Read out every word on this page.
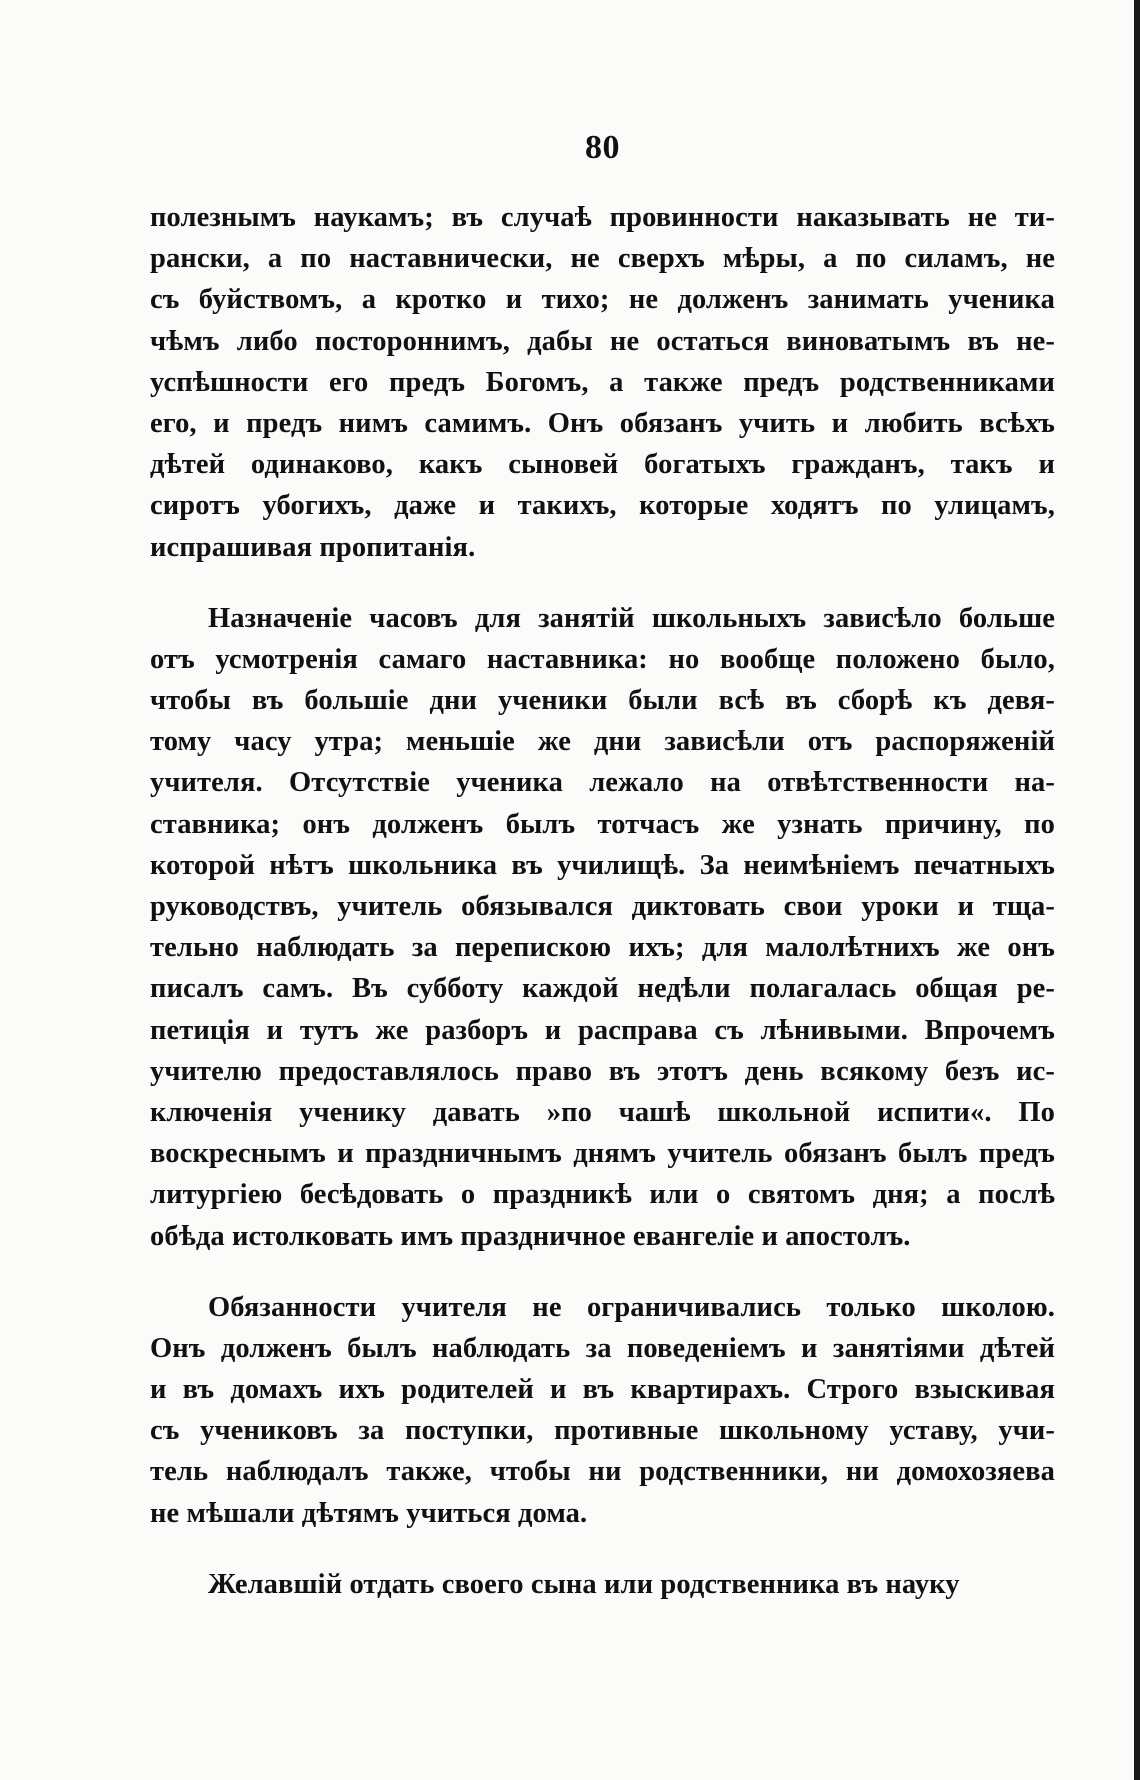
80
полезнымъ наукамъ; въ случаѣ провинности наказывать не ти-
рански, а по наставнически, не сверхъ мѣры, а по силамъ, не
съ буйствомъ, а кротко и тихо; не долженъ занимать ученика
чѣмъ либо постороннимъ, дабы не остаться виноватымъ въ не-
успѣшности его предъ Богомъ, а также предъ родственниками
его, и предъ нимъ самимъ. Онъ обязанъ учить и любить всѣхъ
дѣтей одинаково, какъ сыновей богатыхъ гражданъ, такъ и
сиротъ убогихъ, даже и такихъ, которые ходятъ по улицамъ,
испрашивая пропитанія.
Назначеніе часовъ для занятій школьныхъ зависѣло больше
отъ усмотренія самаго наставника: но вообще положено было,
чтобы въ большіе дни ученики были всѣ въ сборѣ къ девя-
тому часу утра; меньшіе же дни зависѣли отъ распоряженій
учителя. Отсутствіе ученика лежало на отвѣтственности на-
ставника; онъ долженъ былъ тотчасъ же узнать причину, по
которой нѣтъ школьника въ училищѣ. За неимѣніемъ печатныхъ
руководствъ, учитель обязывался диктовать свои уроки и тща-
тельно наблюдать за перепискою ихъ; для малолѣтнихъ же онъ
писалъ самъ. Въ субботу каждой недѣли полагалась общая ре-
петиція и тутъ же разборъ и расправа съ лѣнивыми. Впрочемъ
учителю предоставлялось право въ этотъ день всякому безъ ис-
ключенія ученику давать »по чашѣ школьной испити«. По
воскреснымъ и праздничнымъ днямъ учитель обязанъ былъ предъ
литургіею бесѣдовать о праздникѣ или о святомъ дня; а послѣ
обѣда истолковать имъ праздничное евангеліе и апостолъ.
Обязанности учителя не ограничивались только школою.
Онъ долженъ былъ наблюдать за поведеніемъ и занятіями дѣтей
и въ домахъ ихъ родителей и въ квартирахъ. Строго взыскивая
съ учениковъ за поступки, противные школьному уставу, учи-
тель наблюдалъ также, чтобы ни родственники, ни домохозяева
не мѣшали дѣтямъ учиться дома.
Желавшій отдать своего сына или родственника въ науку
